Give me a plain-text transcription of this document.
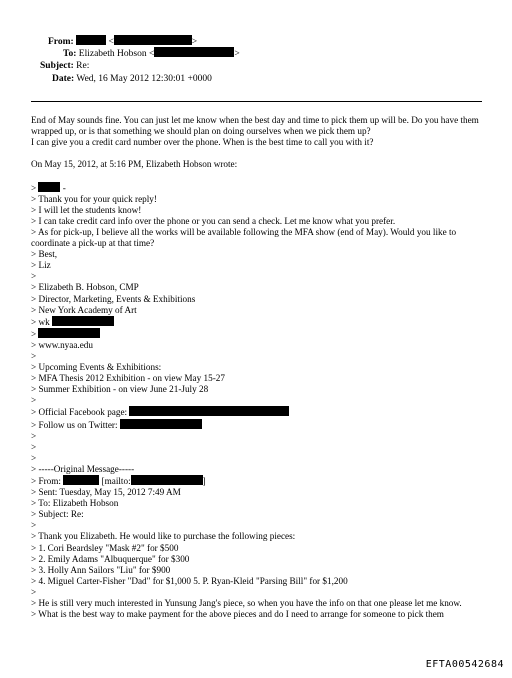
From:	<	>
To: Elizabeth Hobson <	>
Subject: Re:
Date: Wed, 16 May 2012 12:30:01 +0000
End of May sounds fine. You can just let me know when the best day and time to pick them up will be. Do you have them wrapped up, or is that something we should plan on doing ourselves when we pick them up?
I can give you a credit card number over the phone. When is the best time to call you with it?
On May 15, 2012, at 5:16 PM, Elizabeth Hobson wrote:
>	-
> Thank you for your quick reply!
> I will let the students know!
> I can take credit card info over the phone or you can send a check. Let me know what you prefer.
> As for pick-up, I believe all the works will be available following the MFA show (end of May). Would you like to coordinate a pick-up at that time?
> Best,
> Liz
>
> Elizabeth B. Hobson, CMP
> Director, Marketing, Events & Exhibitions
> New York Academy of Art
> wk
>
> www.nyaa.edu
>
> Upcoming Events & Exhibitions:
> MFA Thesis 2012 Exhibition - on view May 15-27
> Summer Exhibition - on view June 21-July 28
>
> Official Facebook page:
> Follow us on Twitter:
>
>
>
> -----Original Message-----
> From:	[mailto:	]
> Sent: Tuesday, May 15, 2012 7:49 AM
> To: Elizabeth Hobson
> Subject: Re:
>
> Thank you Elizabeth. He would like to purchase the following pieces:
> 1. Cori Beardsley "Mask #2" for $500
> 2. Emily Adams "Albuquerque" for $300
> 3. Holly Ann Sailors "Liu" for $900
> 4. Miguel Carter-Fisher "Dad" for $1,000 5. P. Ryan-Kleid "Parsing Bill" for $1,200
>
> He is still very much interested in Yunsung Jang's piece, so when you have the info on that one please let me know.
> What is the best way to make payment for the above pieces and do I need to arrange for someone to pick them
EFTA00542684
